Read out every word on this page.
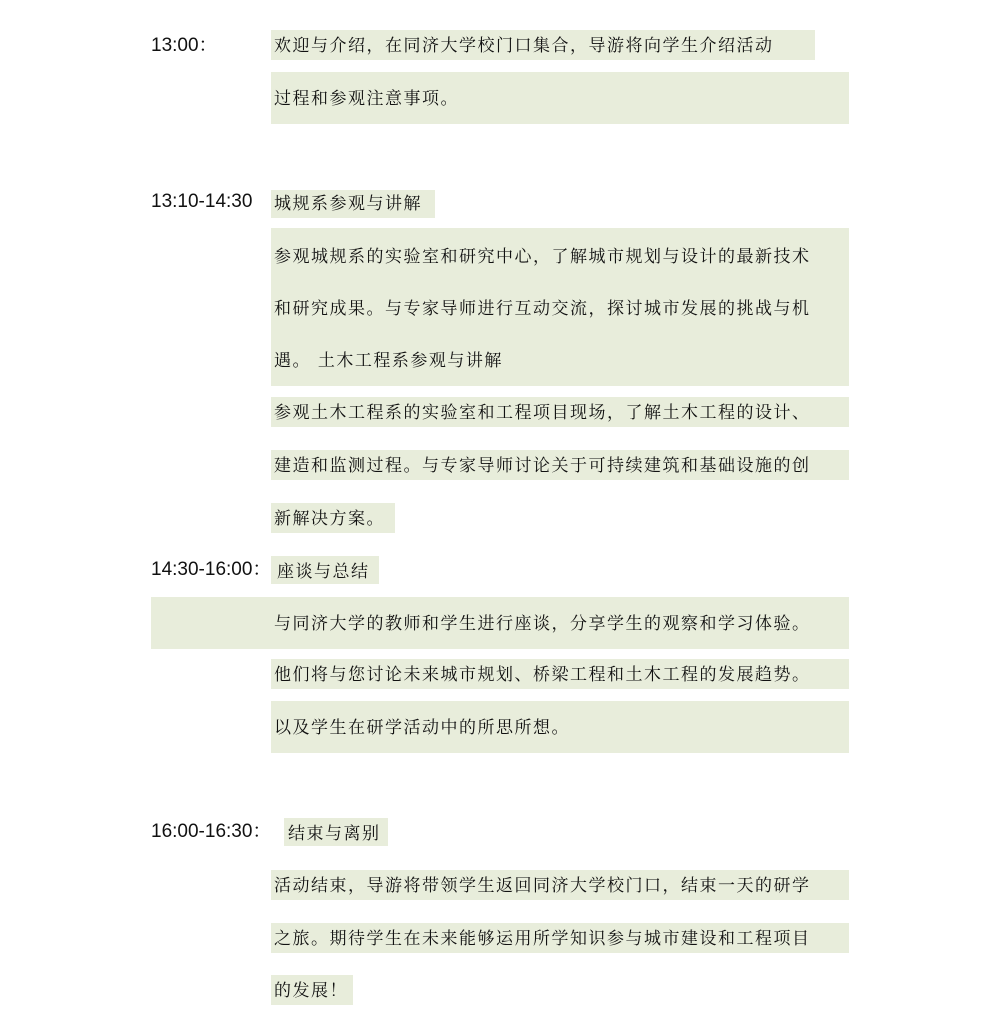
13:00：	欢迎与介绍，在同济大学校门口集合，导游将向学生介绍活动
过程和参观注意事项。
13:10-14:30 城规系参观与讲解
参观城规系的实验室和研究中心，了解城市规划与设计的最新技术
和研究成果。与专家导师进行互动交流，探讨城市发展的挑战与机
遇。 土木工程系参观与讲解
参观土木工程系的实验室和工程项目现场，了解土木工程的设计、
建造和监测过程。与专家导师讨论关于可持续建筑和基础设施的创
新解决方案。
14:30-16:00： 座谈与总结
与同济大学的教师和学生进行座谈，分享学生的观察和学习体验。
他们将与您讨论未来城市规划、桥梁工程和土木工程的发展趋势。
以及学生在研学活动中的所思所想。
16:00-16:30： 结束与离别
活动结束，导游将带领学生返回同济大学校门口，结束一天的研学
之旅。期待学生在未来能够运用所学知识参与城市建设和工程项目
的发展！
